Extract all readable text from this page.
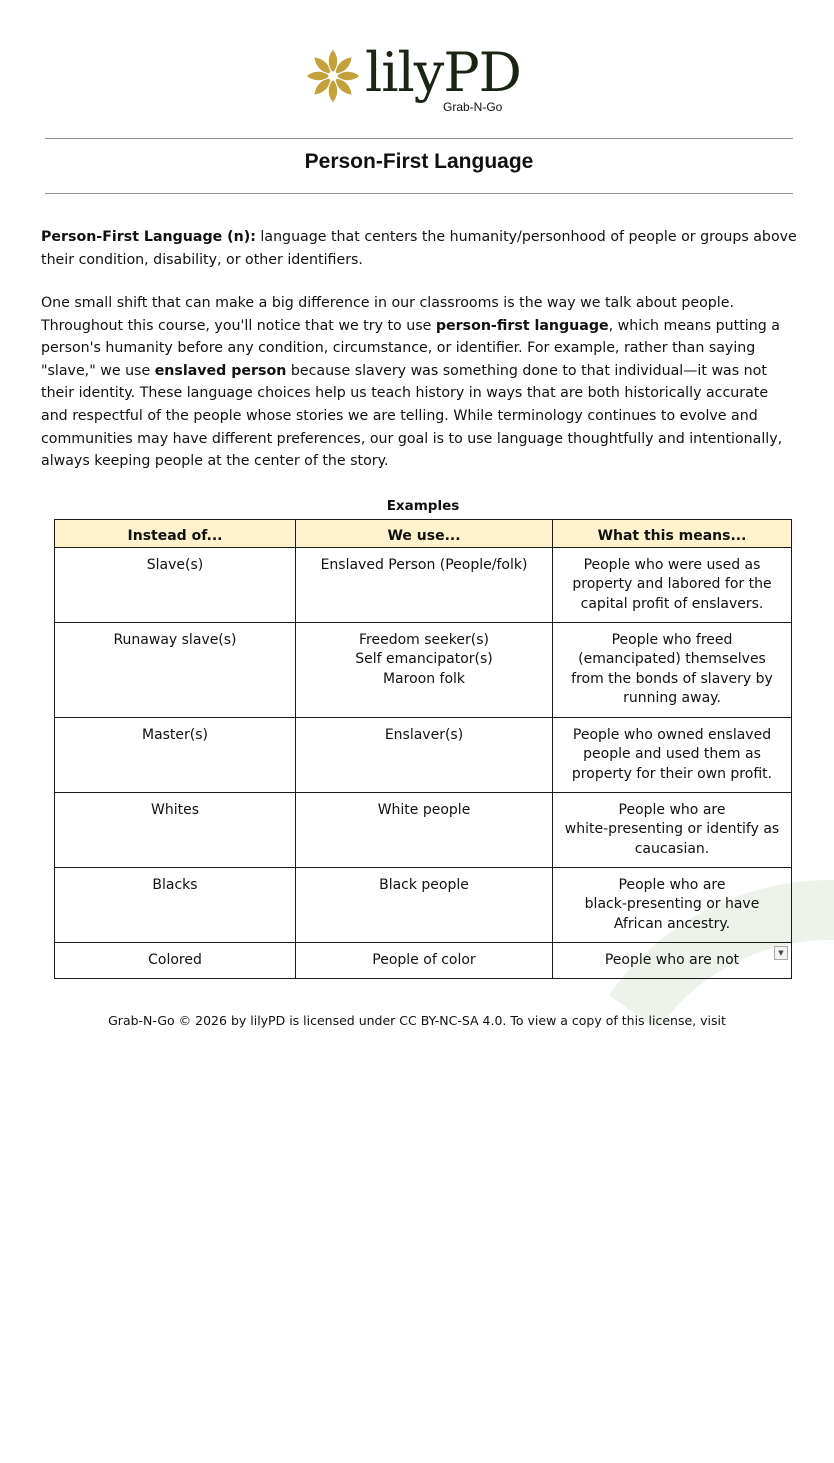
lilyPD
Grab-N-Go
Person-First Language
Person-First Language (n): language that centers the humanity/personhood of people or groups above their condition, disability, or other identifiers.
One small shift that can make a big difference in our classrooms is the way we talk about people. Throughout this course, you'll notice that we try to use person-first language, which means putting a person's humanity before any condition, circumstance, or identifier. For example, rather than saying "slave," we use enslaved person because slavery was something done to that individual—it was not their identity. These language choices help us teach history in ways that are both historically accurate and respectful of the people whose stories we are telling. While terminology continues to evolve and communities may have different preferences, our goal is to use language thoughtfully and intentionally, always keeping people at the center of the story.
Examples
Instead of...	We use...	What this means...

Slave(s)	Enslaved Person (People/folk)	People who were used as
property and labored for the
capital profit of enslavers.

Runaway slave(s)	Freedom seeker(s)
Self emancipator(s)
Maroon folk	People who freed
(emancipated) themselves
from the bonds of slavery by
running away.

Master(s)	Enslaver(s)	People who owned enslaved
people and used them as
property for their own profit.

Whites	White people	People who are
white-presenting or identify as
caucasian.

Blacks	Black people	People who are
black-presenting or have
African ancestry.

Colored	People of color	People who are not ▼
Grab-N-Go © 2026 by lilyPD is licensed under CC BY-NC-SA 4.0. To view a copy of this license, visit
